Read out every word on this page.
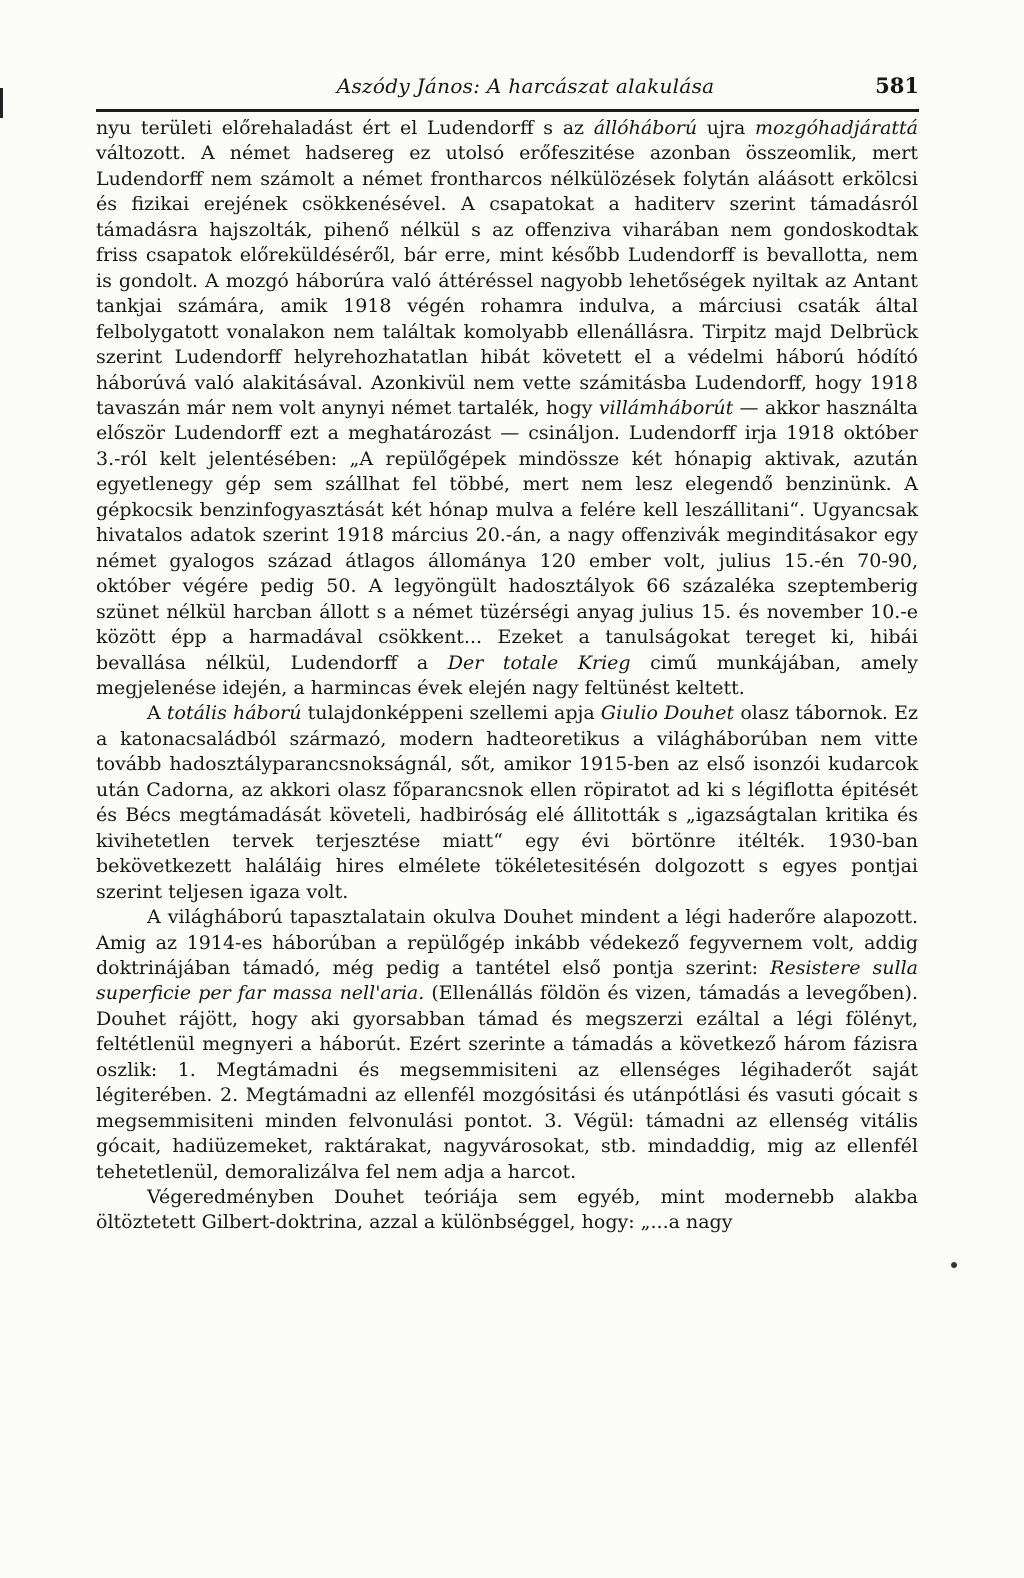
Aszódy János: A harcászat alakulása	581

nyu területi előrehaladást ért el Ludendorff s az állóháború ujra mozgóhadjárattá változott. A német hadsereg ez utolsó erőfeszitése azonban összeomlik, mert Ludendorff nem számolt a német frontharcos nélkülözések folytán aláásott erkölcsi és fizikai erejének csökkenésével. A csapatokat a haditerv szerint támadásról támadásra hajszolták, pihenő nélkül s az offenziva viharában nem gondoskodtak friss csapatok előreküldéséről, bár erre, mint később Ludendorff is bevallotta, nem is gondolt. A mozgó háborúra való áttéréssel nagyobb lehetőségek nyiltak az Antant tankjai számára, amik 1918 végén rohamra indulva, a márciusi csaták által felbolygatott vonalakon nem találtak komolyabb ellenállásra. Tirpitz majd Delbrück szerint Ludendorff helyrehozhatatlan hibát követett el a védelmi háború hódító háborúvá való alakitásával. Azonkivül nem vette számitásba Ludendorff, hogy 1918 tavaszán már nem volt anynyi német tartalék, hogy villámháborút — akkor használta először Ludendorff ezt a meghatározást — csináljon. Ludendorff irja 1918 október 3.-ról kelt jelentésében: „A repülőgépek mindössze két hónapig aktivak, azután egyetlenegy gép sem szállhat fel többé, mert nem lesz elegendő benzinünk. A gépkocsik benzinfogyasztását két hónap mulva a felére kell leszállitani“. Ugyancsak hivatalos adatok szerint 1918 március 20.-án, a nagy offenzivák meginditásakor egy német gyalogos század átlagos állománya 120 ember volt, julius 15.-én 70-90, október végére pedig 50. A legyöngült hadosztályok 66 százaléka szeptemberig szünet nélkül harcban állott s a német tüzérségi anyag julius 15. és november 10.-e között épp a harmadával csökkent... Ezeket a tanulságokat tereget ki, hibái bevallása nélkül, Ludendorff a Der totale Krieg cimű munkájában, amely megjelenése idején, a harmincas évek elején nagy feltünést keltett.

A totális háború tulajdonképpeni szellemi apja Giulio Douhet olasz tábornok. Ez a katonacsaládból származó, modern hadteoretikus a világháborúban nem vitte tovább hadosztályparancsnokságnál, sőt, amikor 1915-ben az első isonzói kudarcok után Cadorna, az akkori olasz főparancsnok ellen röpiratot ad ki s légiflotta épitését és Bécs megtámadását követeli, hadbiróság elé állitották s „igazságtalan kritika és kivihetetlen tervek terjesztése miatt“ egy évi börtönre itélték. 1930-ban bekövetkezett haláláig hires elmélete tökéletesitésén dolgozott s egyes pontjai szerint teljesen igaza volt.

A világháború tapasztalatain okulva Douhet mindent a légi haderőre alapozott. Amig az 1914-es háborúban a repülőgép inkább védekező fegyvernem volt, addig doktrinájában támadó, még pedig a tantétel első pontja szerint: Resistere sulla superficie per far massa nell'aria. (Ellenállás földön és vizen, támadás a levegőben). Douhet rájött, hogy aki gyorsabban támad és megszerzi ezáltal a légi fölényt, feltétlenül megnyeri a háborút. Ezért szerinte a támadás a következő három fázisra oszlik: 1. Megtámadni és megsemmisiteni az ellenséges légihaderőt saját légiterében. 2. Megtámadni az ellenfél mozgósitási és utánpótlási és vasuti gócait s megsemmisiteni minden felvonulási pontot. 3. Végül: támadni az ellenség vitális gócait, hadiüzemeket, raktárakat, nagyvárosokat, stb. mindaddig, mig az ellenfél tehetetlenül, demoralizálva fel nem adja a harcot.

Végeredményben Douhet teóriája sem egyéb, mint modernebb alakba öltöztetett Gilbert-doktrina, azzal a különbséggel, hogy: „...a nagy
